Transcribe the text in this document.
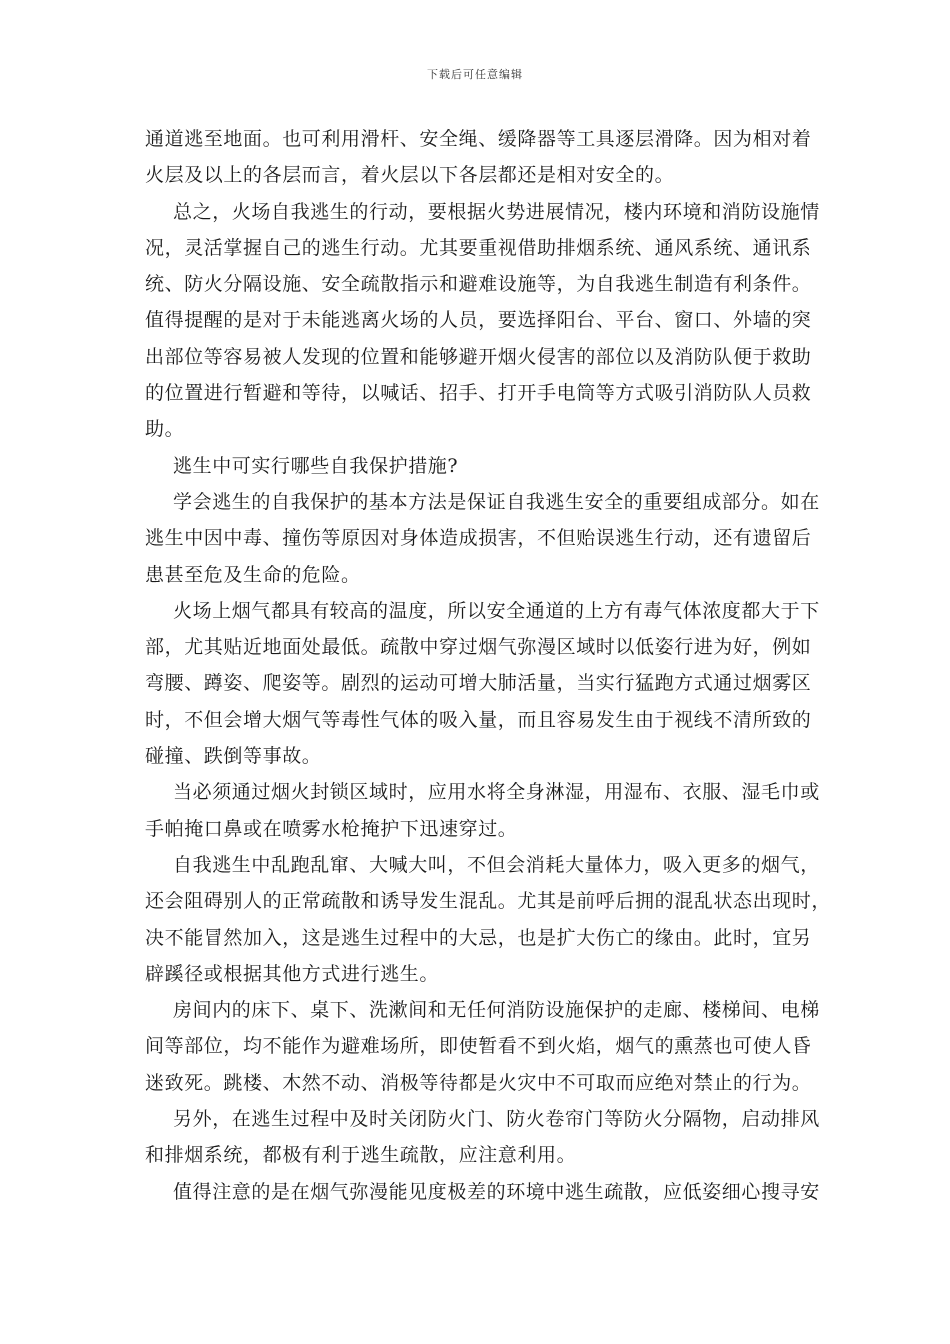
下载后可任意编辑
通道逃至地面。也可利用滑杆、安全绳、缓降器等工具逐层滑降。因为相对着
火层及以上的各层而言，着火层以下各层都还是相对安全的。
总之，火场自我逃生的行动，要根据火势进展情况，楼内环境和消防设施情
况，灵活掌握自己的逃生行动。尤其要重视借助排烟系统、通风系统、通讯系
统、防火分隔设施、安全疏散指示和避难设施等，为自我逃生制造有利条件。
值得提醒的是对于未能逃离火场的人员，要选择阳台、平台、窗口、外墙的突
出部位等容易被人发现的位置和能够避开烟火侵害的部位以及消防队便于救助
的位置进行暂避和等待，以喊话、招手、打开手电筒等方式吸引消防队人员救
助。
逃生中可实行哪些自我保护措施?
学会逃生的自我保护的基本方法是保证自我逃生安全的重要组成部分。如在
逃生中因中毒、撞伤等原因对身体造成损害，不但贻误逃生行动，还有遗留后
患甚至危及生命的危险。
火场上烟气都具有较高的温度，所以安全通道的上方有毒气体浓度都大于下
部，尤其贴近地面处最低。疏散中穿过烟气弥漫区域时以低姿行进为好，例如
弯腰、蹲姿、爬姿等。剧烈的运动可增大肺活量，当实行猛跑方式通过烟雾区
时，不但会增大烟气等毒性气体的吸入量，而且容易发生由于视线不清所致的
碰撞、跌倒等事故。
当必须通过烟火封锁区域时，应用水将全身淋湿，用湿布、衣服、湿毛巾或
手帕掩口鼻或在喷雾水枪掩护下迅速穿过。
自我逃生中乱跑乱窜、大喊大叫，不但会消耗大量体力，吸入更多的烟气，
还会阻碍别人的正常疏散和诱导发生混乱。尤其是前呼后拥的混乱状态出现时，
决不能冒然加入，这是逃生过程中的大忌，也是扩大伤亡的缘由。此时，宜另
辟蹊径或根据其他方式进行逃生。
房间内的床下、桌下、洗漱间和无任何消防设施保护的走廊、楼梯间、电梯
间等部位，均不能作为避难场所，即使暂看不到火焰，烟气的熏蒸也可使人昏
迷致死。跳楼、木然不动、消极等待都是火灾中不可取而应绝对禁止的行为。
另外，在逃生过程中及时关闭防火门、防火卷帘门等防火分隔物，启动排风
和排烟系统，都极有利于逃生疏散，应注意利用。
值得注意的是在烟气弥漫能见度极差的环境中逃生疏散，应低姿细心搜寻安
